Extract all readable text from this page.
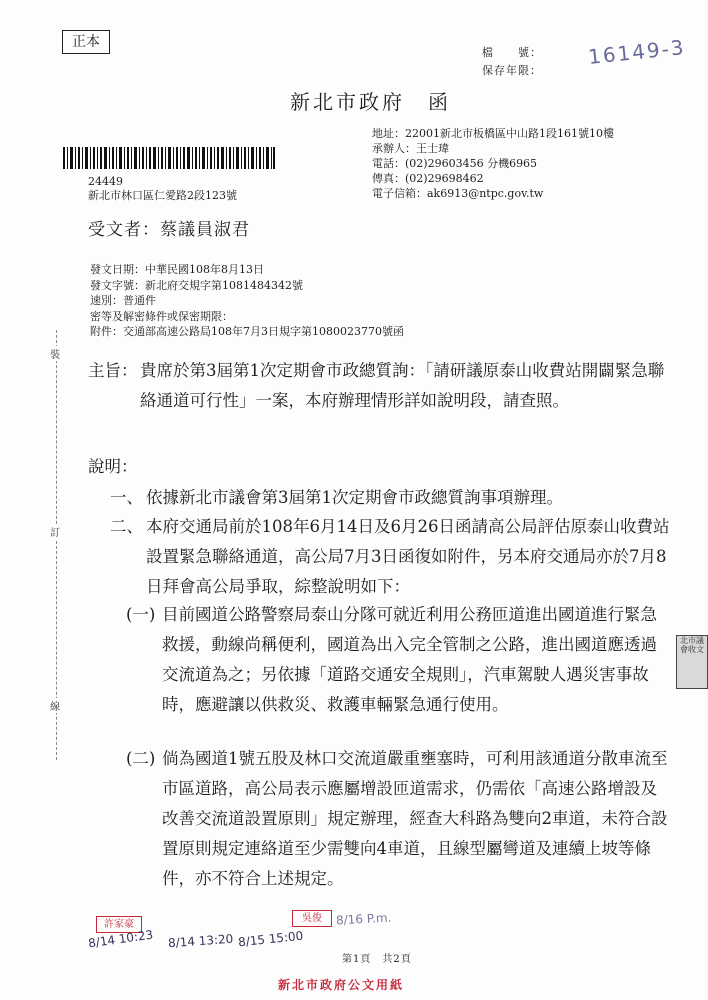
正本
檔　　號：
保存年限：
16149-3
新北市政府　函
地址：22001新北市板橋區中山路1段161號10樓
承辦人：王士瑋
電話：(02)29603456 分機6965
傳真：(02)29698462
電子信箱：ak6913@ntpc.gov.tw
24449
新北市林口區仁愛路2段123號
受文者：蔡議員淑君
發文日期：中華民國108年8月13日
發文字號：新北府交規字第1081484342號
速別：普通件
密等及解密條件或保密期限：
附件：交通部高速公路局108年7月3日規字第1080023770號函
裝
訂
線
主旨： 貴席於第3屆第1次定期會市政總質詢：「請研議原泰山收費站開闢緊急聯絡通道可行性」一案，本府辦理情形詳如說明段，請查照。
說明：
一、 依據新北市議會第3屆第1次定期會市政總質詢事項辦理。
二、 本府交通局前於108年6月14日及6月26日函請高公局評估原泰山收費站設置緊急聯絡通道，高公局7月3日函復如附件，另本府交通局亦於7月8日拜會高公局爭取，綜整說明如下：
(一) 目前國道公路警察局泰山分隊可就近利用公務匝道進出國道進行緊急救援，動線尚稱便利，國道為出入完全管制之公路，進出國道應透過交流道為之；另依據「道路交通安全規則」，汽車駕駛人遇災害事故時，應避讓以供救災、救護車輛緊急通行使用。
(二) 倘為國道1號五股及林口交流道嚴重壅塞時，可利用該通道分散車流至市區道路，高公局表示應屬增設匝道需求，仍需依「高速公路增設及改善交流道設置原則」規定辦理，經查大科路為雙向2車道，未符合設置原則規定連絡道至少需雙向4車道，且線型屬彎道及連續上坡等條件，亦不符合上述規定。
北市議會收文
許家豪
8/14 10:23 8/14 13:20 8/15 15:00
吳俊	8/16 P.m.
第1頁　共2頁
新北市政府公文用紙
